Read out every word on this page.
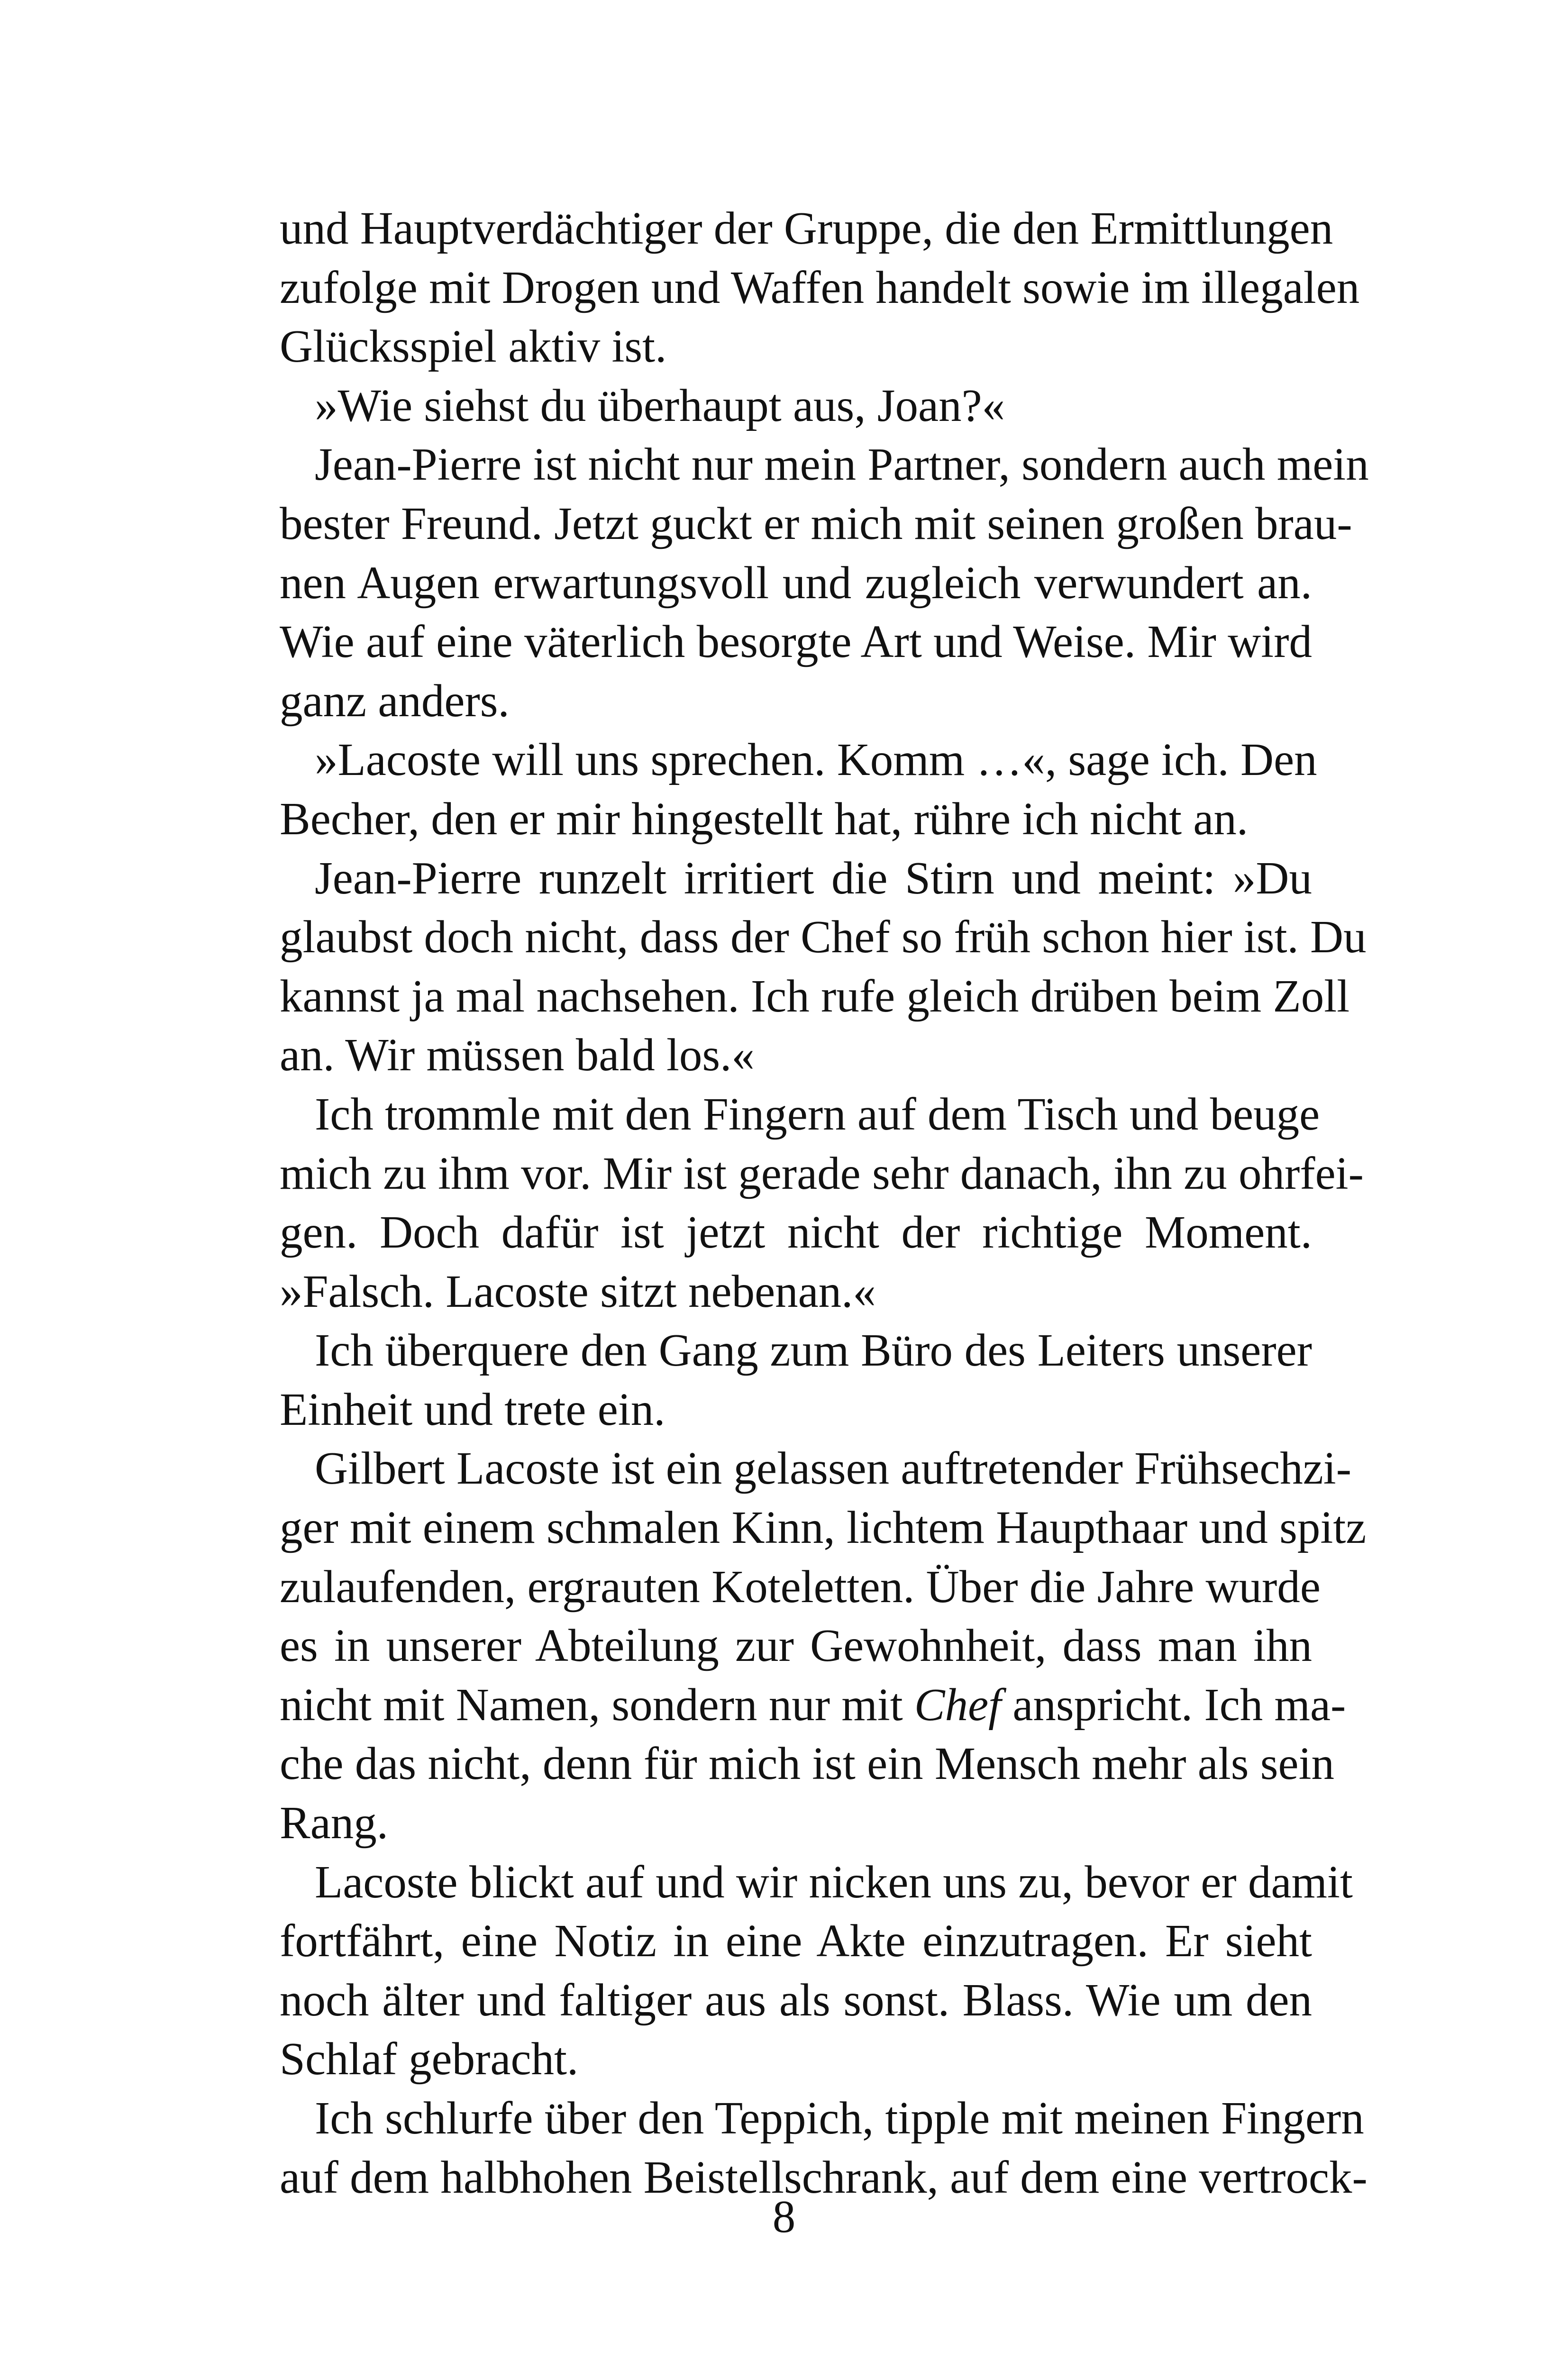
und Hauptverdächtiger der Gruppe, die den Ermittlungen
zufolge mit Drogen und Waffen handelt sowie im illegalen
Glücksspiel aktiv ist.

»Wie siehst du überhaupt aus, Joan?«

Jean-Pierre ist nicht nur mein Partner, sondern auch mein
bester Freund. Jetzt guckt er mich mit seinen großen brau-
nen Augen erwartungsvoll und zugleich verwundert an.
Wie auf eine väterlich besorgte Art und Weise. Mir wird
ganz anders.

»Lacoste will uns sprechen. Komm …«, sage ich. Den
Becher, den er mir hingestellt hat, rühre ich nicht an.

Jean-Pierre runzelt irritiert die Stirn und meint: »Du
glaubst doch nicht, dass der Chef so früh schon hier ist. Du
kannst ja mal nachsehen. Ich rufe gleich drüben beim Zoll
an. Wir müssen bald los.«

Ich trommle mit den Fingern auf dem Tisch und beuge
mich zu ihm vor. Mir ist gerade sehr danach, ihn zu ohrfei-
gen. Doch dafür ist jetzt nicht der richtige Moment.
»Falsch. Lacoste sitzt nebenan.«

Ich überquere den Gang zum Büro des Leiters unserer
Einheit und trete ein.

Gilbert Lacoste ist ein gelassen auftretender Frühsechzi-
ger mit einem schmalen Kinn, lichtem Haupthaar und spitz
zulaufenden, ergrauten Koteletten. Über die Jahre wurde
es in unserer Abteilung zur Gewohnheit, dass man ihn
nicht mit Namen, sondern nur mit Chef anspricht. Ich ma-
che das nicht, denn für mich ist ein Mensch mehr als sein
Rang.

Lacoste blickt auf und wir nicken uns zu, bevor er damit
fortfährt, eine Notiz in eine Akte einzutragen. Er sieht
noch älter und faltiger aus als sonst. Blass. Wie um den
Schlaf gebracht.

Ich schlurfe über den Teppich, tipple mit meinen Fingern
auf dem halbhohen Beistellschrank, auf dem eine vertrock-

8
